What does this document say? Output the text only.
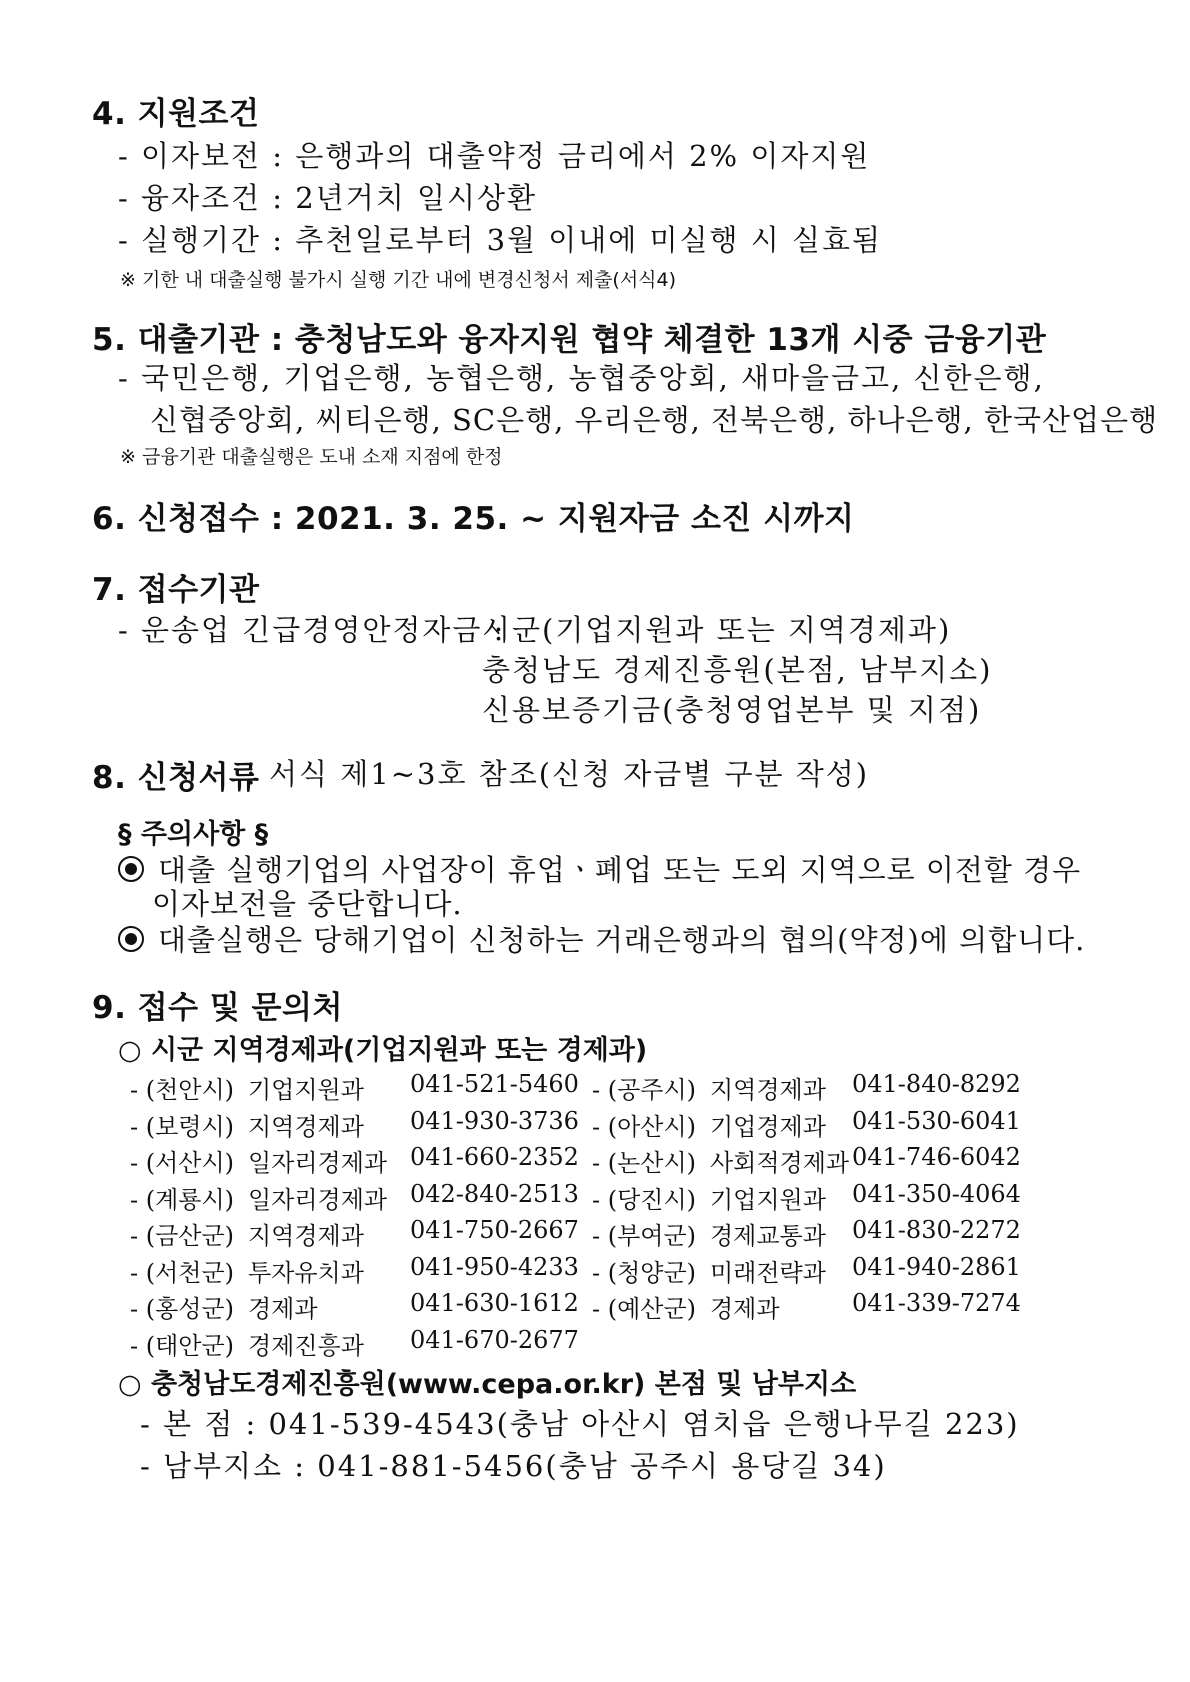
4. 지원조건
- 이자보전 : 은행과의 대출약정 금리에서 2% 이자지원
- 융자조건 : 2년거치 일시상환
- 실행기간 : 추천일로부터 3월 이내에 미실행 시 실효됨
※ 기한 내 대출실행 불가시 실행 기간 내에 변경신청서 제출(서식4)
5. 대출기관 : 충청남도와 융자지원 협약 체결한 13개 시중 금융기관
- 국민은행, 기업은행, 농협은행, 농협중앙회, 새마을금고, 신한은행,
신협중앙회, 씨티은행, SC은행, 우리은행, 전북은행, 하나은행, 한국산업은행
※ 금융기관 대출실행은 도내 소재 지점에 한정
6. 신청접수 : 2021. 3. 25. ~ 지원자금 소진 시까지
7. 접수기관
- 운송업 긴급경영안정자금 :
시군(기업지원과 또는 지역경제과)
충청남도 경제진흥원(본점, 남부지소)
신용보증기금(충청영업본부 및 지점)
8. 신청서류
: 서식 제1~3호 참조(신청 자금별 구분 작성)
§ 주의사항 §
대출 실행기업의 사업장이 휴업ㆍ폐업 또는 도외 지역으로 이전할 경우
이자보전을 중단합니다.
대출실행은 당해기업이 신청하는 거래은행과의 협의(약정)에 의합니다.
9. 접수 및 문의처
○ 시군 지역경제과(기업지원과 또는 경제과)
○ 충청남도경제진흥원(www.cepa.or.kr) 본점 및 남부지소
- 본 점 : 041-539-4543(충남 아산시 염치읍 은행나무길 223)
- 남부지소 : 041-881-5456(충남 공주시 용당길 34)
- (천안시) 기업지원과 041-521-5460
- (보령시) 지역경제과 041-930-3736
- (서산시) 일자리경제과 041-660-2352
- (계룡시) 일자리경제과 042-840-2513
- (금산군) 지역경제과 041-750-2667
- (서천군) 투자유치과 041-950-4233
- (홍성군) 경제과	041-630-1612
- (태안군) 경제진흥과 041-670-2677
- (공주시) 지역경제과 041-840-8292
- (아산시) 기업경제과 041-530-6041
- (논산시) 사회적경제과 041-746-6042
- (당진시) 기업지원과 041-350-4064
- (부여군) 경제교통과 041-830-2272
- (청양군) 미래전략과 041-940-2861
- (예산군) 경제과	041-339-7274
